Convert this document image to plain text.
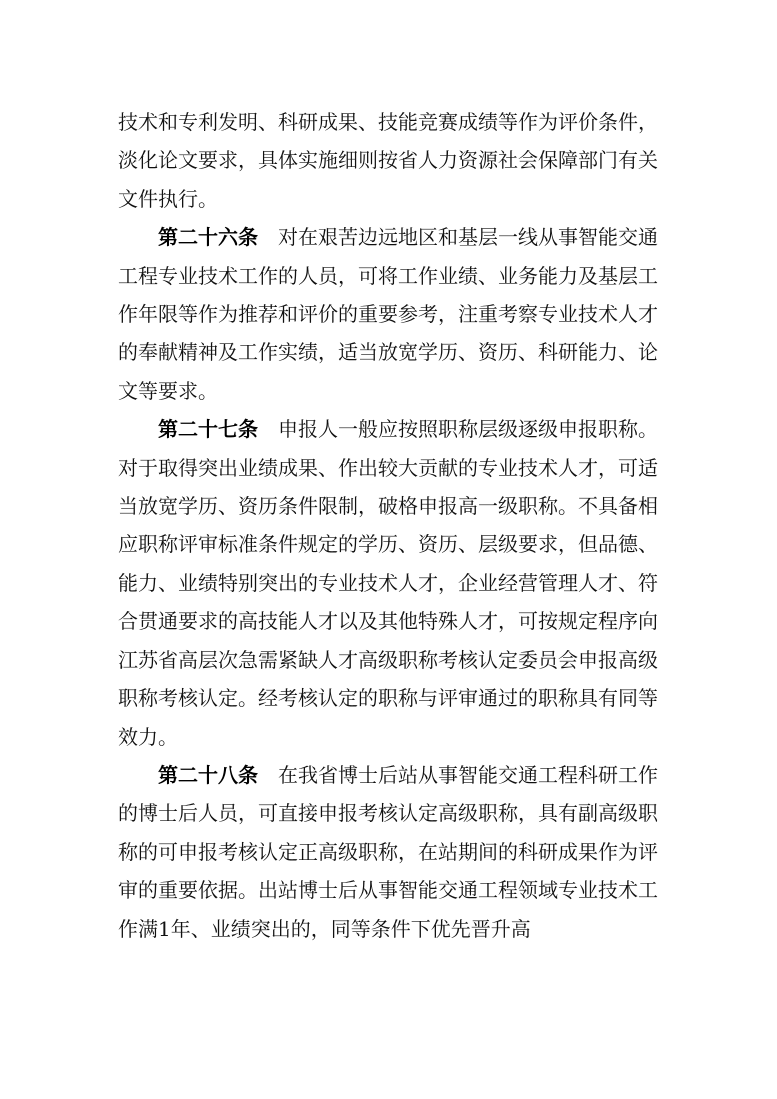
技术和专利发明、科研成果、技能竞赛成绩等作为评价条件，淡化论文要求，具体实施细则按省人力资源社会保障部门有关文件执行。

第二十六条 对在艰苦边远地区和基层一线从事智能交通工程专业技术工作的人员，可将工作业绩、业务能力及基层工作年限等作为推荐和评价的重要参考，注重考察专业技术人才的奉献精神及工作实绩，适当放宽学历、资历、科研能力、论文等要求。

第二十七条 申报人一般应按照职称层级逐级申报职称。对于取得突出业绩成果、作出较大贡献的专业技术人才，可适当放宽学历、资历条件限制，破格申报高一级职称。不具备相应职称评审标准条件规定的学历、资历、层级要求，但品德、能力、业绩特别突出的专业技术人才，企业经营管理人才、符合贯通要求的高技能人才以及其他特殊人才，可按规定程序向江苏省高层次急需紧缺人才高级职称考核认定委员会申报高级职称考核认定。经考核认定的职称与评审通过的职称具有同等效力。

第二十八条 在我省博士后站从事智能交通工程科研工作的博士后人员，可直接申报考核认定高级职称，具有副高级职称的可申报考核认定正高级职称，在站期间的科研成果作为评审的重要依据。出站博士后从事智能交通工程领域专业技术工作满1年、业绩突出的，同等条件下优先晋升高
